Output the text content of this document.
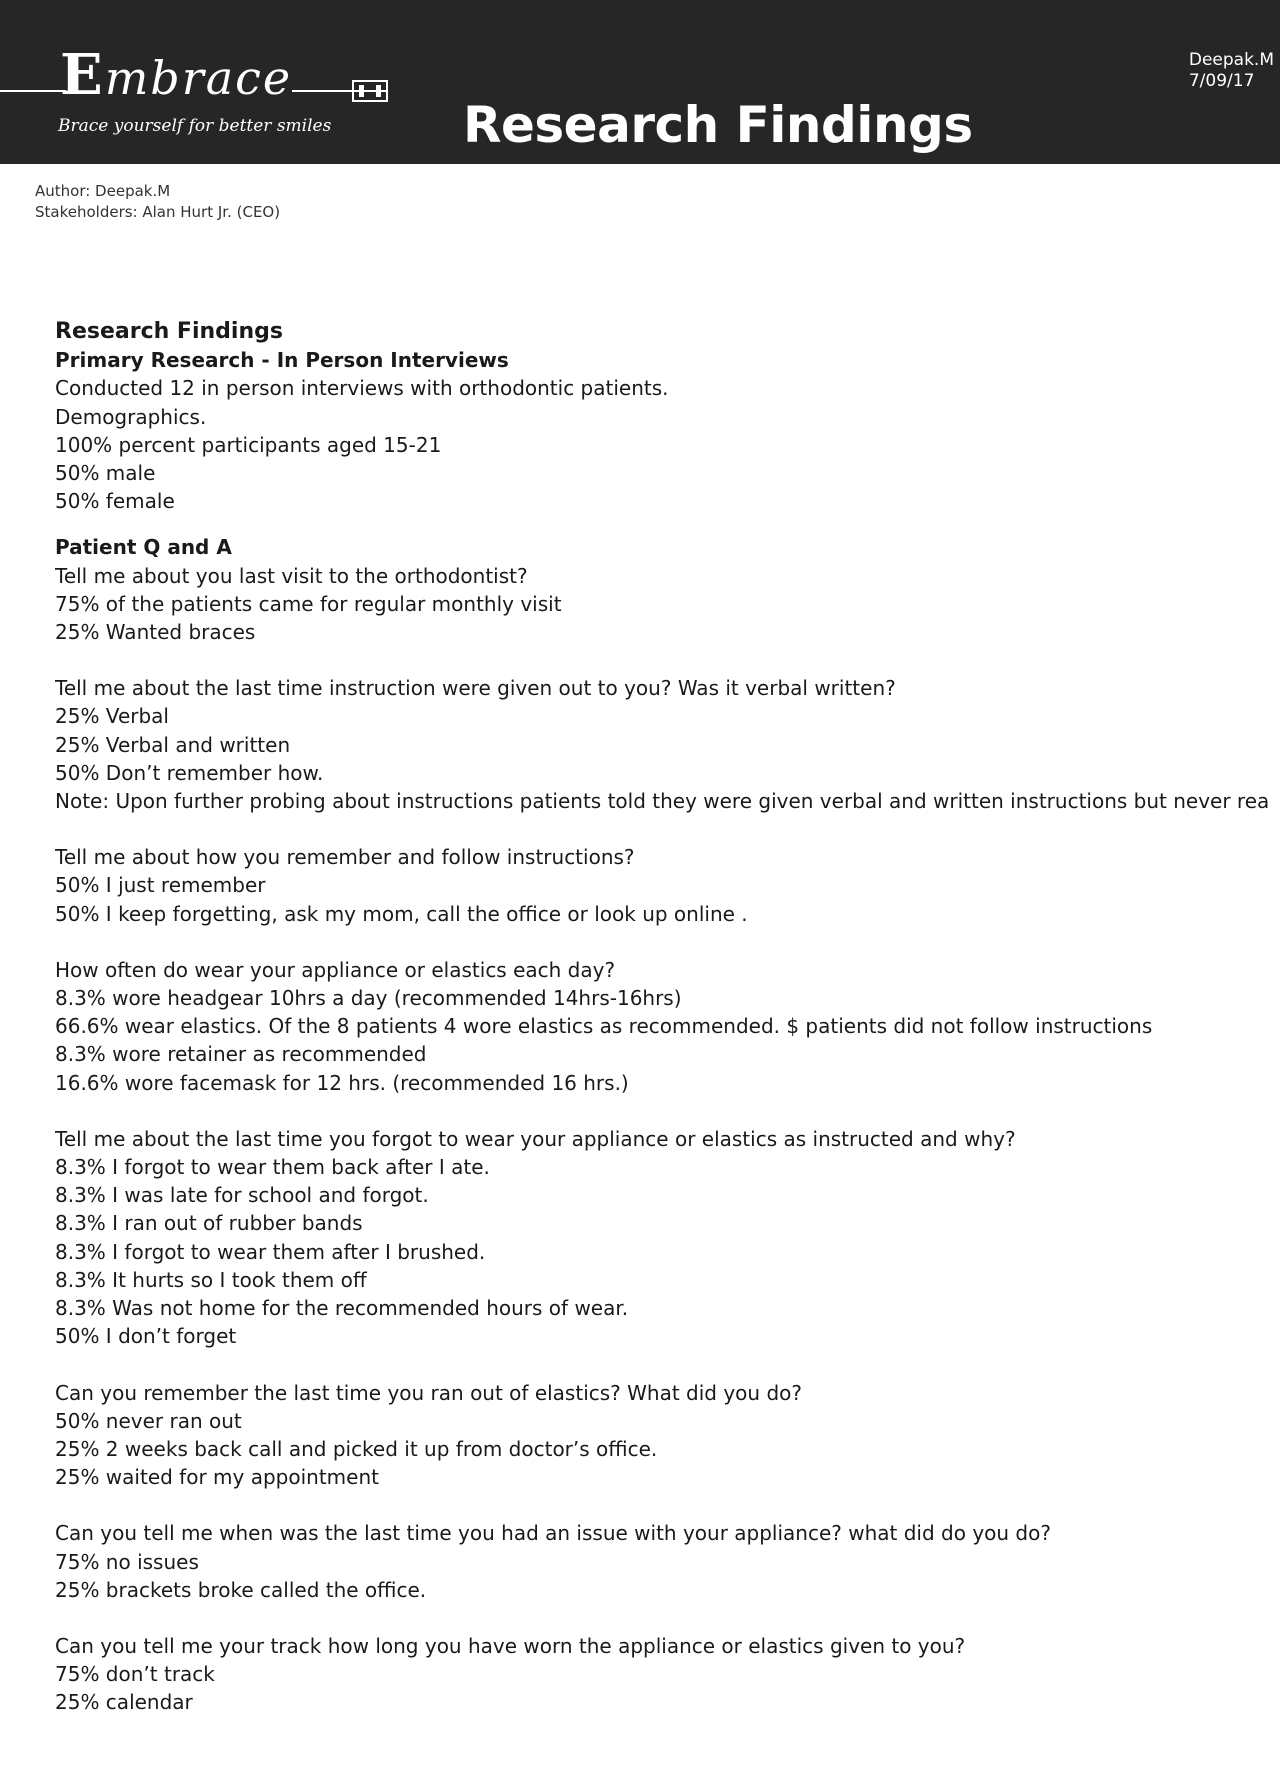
Embrace
Brace yourself for better smiles	Research Findings
Deepak.M
7/09/17
Author: Deepak.M
Stakeholders: Alan Hurt Jr. (CEO)
Research Findings
Primary Research - In Person Interviews
Conducted 12 in person interviews with orthodontic patients.
Demographics.
100% percent participants aged 15-21
50% male
50% female
Patient Q and A
Tell me about you last visit to the orthodontist?
75% of the patients came for regular monthly visit
25% Wanted braces
Tell me about the last time instruction were given out to you? Was it verbal written?
25% Verbal
25% Verbal and written
50% Don’t remember how.
Note: Upon further probing about instructions patients told they were given verbal and written instructions but never rea
Tell me about how you remember and follow instructions?
50% I just remember
50% I keep forgetting, ask my mom, call the office or look up online .
How often do wear your appliance or elastics each day?
8.3% wore headgear 10hrs a day (recommended 14hrs-16hrs)
66.6% wear elastics. Of the 8 patients 4 wore elastics as recommended. $ patients did not follow instructions
8.3% wore retainer as recommended
16.6% wore facemask for 12 hrs. (recommended 16 hrs.)
Tell me about the last time you forgot to wear your appliance or elastics as instructed and why?
8.3% I forgot to wear them back after I ate.
8.3% I was late for school and forgot.
8.3% I ran out of rubber bands
8.3% I forgot to wear them after I brushed.
8.3% It hurts so I took them off
8.3% Was not home for the recommended hours of wear.
50% I don’t forget
Can you remember the last time you ran out of elastics? What did you do?
50% never ran out
25% 2 weeks back call and picked it up from doctor’s office.
25% waited for my appointment
Can you tell me when was the last time you had an issue with your appliance? what did do you do?
75% no issues
25% brackets broke called the office.
Can you tell me your track how long you have worn the appliance or elastics given to you?
75% don’t track
25% calendar
